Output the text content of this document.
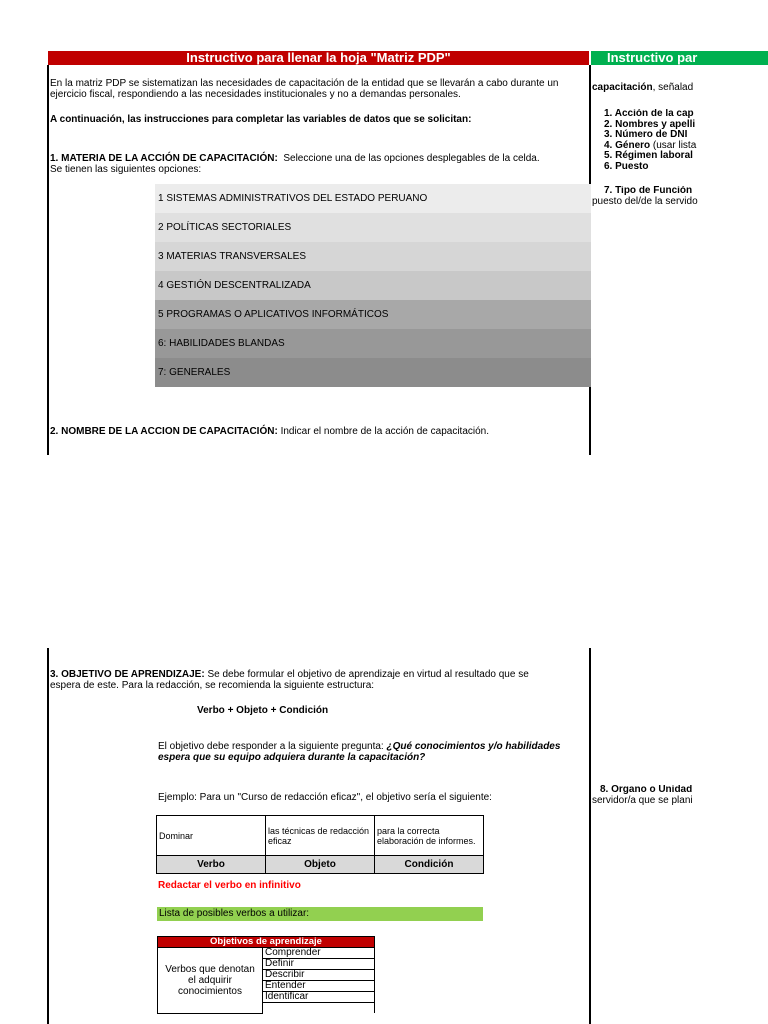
Instructivo para llenar la hoja "Matriz PDP"	Instructivo par
En la matriz PDP se sistematizan las necesidades de capacitación de la entidad que se llevarán a cabo durante un ejercicio fiscal, respondiendo a las necesidades institucionales y no a demandas personales.
A continuación, las instrucciones para completar las variables de datos que se solicitan:
1. MATERIA DE LA ACCIÓN DE CAPACITACIÓN: Seleccione una de las opciones desplegables de la celda.
Se tienen las siguientes opciones:
1 SISTEMAS ADMINISTRATIVOS DEL ESTADO PERUANO
2 POLÍTICAS SECTORIALES
3 MATERIAS TRANSVERSALES
4 GESTIÓN DESCENTRALIZADA
5 PROGRAMAS O APLICATIVOS INFORMÁTICOS
6: HABILIDADES BLANDAS
7: GENERALES
2. NOMBRE DE LA ACCION DE CAPACITACIÓN: Indicar el nombre de la acción de capacitación.
capacitación, señalad
1. Acción de la cap
2. Nombres y apelli
3. Número de DNI
4. Género (usar lista
5. Régimen laboral
6. Puesto
7. Tipo de Función
puesto del/de la servido
8. Órgano o Unidad
servidor/a que se plani
3. OBJETIVO DE APRENDIZAJE: Se debe formular el objetivo de aprendizaje en virtud al resultado que se
espera de este. Para la redacción, se recomienda la siguiente estructura:
Verbo + Objeto + Condición
El objetivo debe responder a la siguiente pregunta: ¿Qué conocimientos y/o habilidades
espera que su equipo adquiera durante la capacitación?
Ejemplo: Para un "Curso de redacción eficaz", el objetivo sería el siguiente:
Dominar	las técnicas de redacción eficaz	para la correcta elaboración de informes.
Verbo	Objeto	Condición
Redactar el verbo en infinitivo
Lista de posibles verbos a utilizar:
Objetivos de aprendizaje
Verbos que denotan el adquirir conocimientos	Comprender
Definir
Describir
Entender
Identificar
